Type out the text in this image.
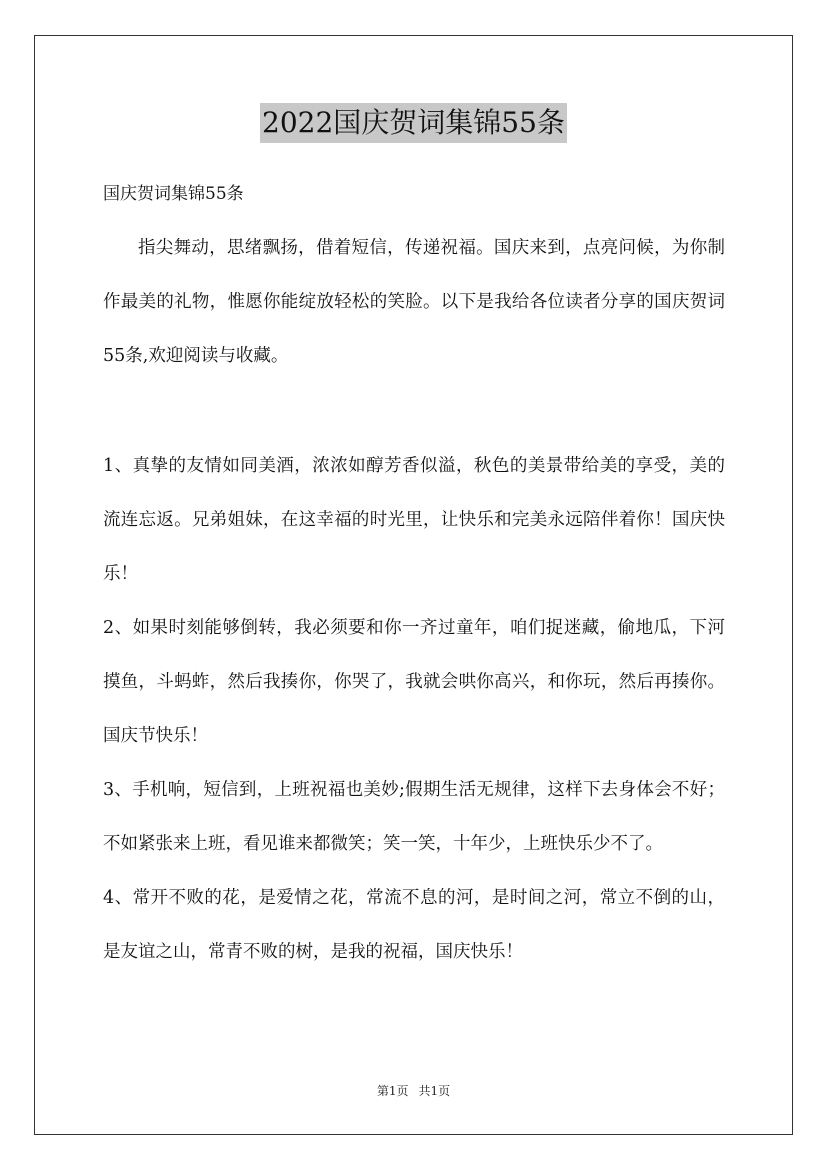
2022国庆贺词集锦55条

国庆贺词集锦55条

指尖舞动，思绪飘扬，借着短信，传递祝福。国庆来到，点亮问候，为你制作最美的礼物，惟愿你能绽放轻松的笑脸。以下是我给各位读者分享的国庆贺词55条,欢迎阅读与收藏。

1、真挚的友情如同美酒，浓浓如醇芳香似溢，秋色的美景带给美的享受，美的流连忘返。兄弟姐妹，在这幸福的时光里，让快乐和完美永远陪伴着你！国庆快乐！

2、如果时刻能够倒转，我必须要和你一齐过童年，咱们捉迷藏，偷地瓜，下河摸鱼，斗蚂蚱，然后我揍你，你哭了，我就会哄你高兴，和你玩，然后再揍你。国庆节快乐！

3、手机响，短信到，上班祝福也美妙;假期生活无规律，这样下去身体会不好；不如紧张来上班，看见谁来都微笑；笑一笑，十年少，上班快乐少不了。

4、常开不败的花，是爱情之花，常流不息的河，是时间之河，常立不倒的山，是友谊之山，常青不败的树，是我的祝福，国庆快乐！

第1页 共1页
